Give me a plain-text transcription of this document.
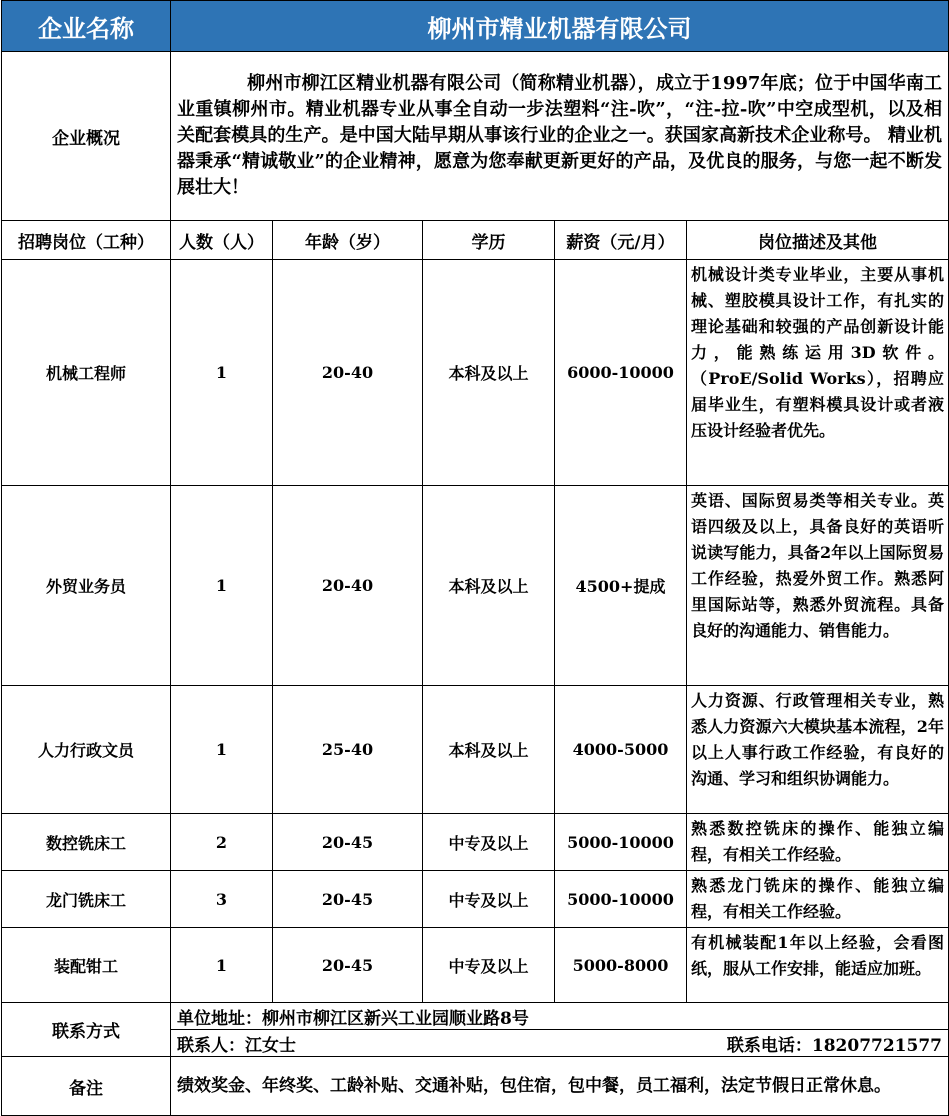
企业名称	柳州市精业机器有限公司				
企业概况	柳州市柳江区精业机器有限公司（简称精业机器），成立于1997年底；位于中国华南工业重镇柳州市。精业机器专业从事全自动一步法塑料“注-吹”，“注-拉-吹”中空成型机，以及相关配套模具的生产。是中国大陆早期从事该行业的企业之一。获国家高新技术企业称号。 精业机器秉承“精诚敬业”的企业精神，愿意为您奉献更新更好的产品，及优良的服务，与您一起不断发展壮大！				
招聘岗位（工种）	人数（人）	年龄（岁）	学历	薪资（元/月）	岗位描述及其他
机械工程师	1	20-40	本科及以上	6000-10000	机械设计类专业毕业，主要从事机械、塑胶模具设计工作，有扎实的理论基础和较强的产品创新设计能力，能熟练运用3D软件。（ProE/Solid Works），招聘应届毕业生，有塑料模具设计或者液压设计经验者优先。
外贸业务员	1	20-40	本科及以上	4500+提成	英语、国际贸易类等相关专业。英语四级及以上，具备良好的英语听说读写能力，具备2年以上国际贸易工作经验，热爱外贸工作。熟悉阿里国际站等，熟悉外贸流程。具备良好的沟通能力、销售能力。
人力行政文员	1	25-40	本科及以上	4000-5000	人力资源、行政管理相关专业，熟悉人力资源六大模块基本流程，2年以上人事行政工作经验，有良好的沟通、学习和组织协调能力。
数控铣床工	2	20-45	中专及以上	5000-10000	熟悉数控铣床的操作、能独立编程，有相关工作经验。
龙门铣床工	3	20-45	中专及以上	5000-10000	熟悉龙门铣床的操作、能独立编程，有相关工作经验。
装配钳工	1	20-45	中专及以上	5000-8000	有机械装配1年以上经验，会看图纸，服从工作安排，能适应加班。
联系方式	单位地址：柳州市柳江区新兴工业园顺业路8号				

	联系人：江女士 联系电话：18207721577				

备注	绩效奖金、年终奖、工龄补贴、交通补贴，包住宿，包中餐，员工福利，法定节假日正常休息。				
